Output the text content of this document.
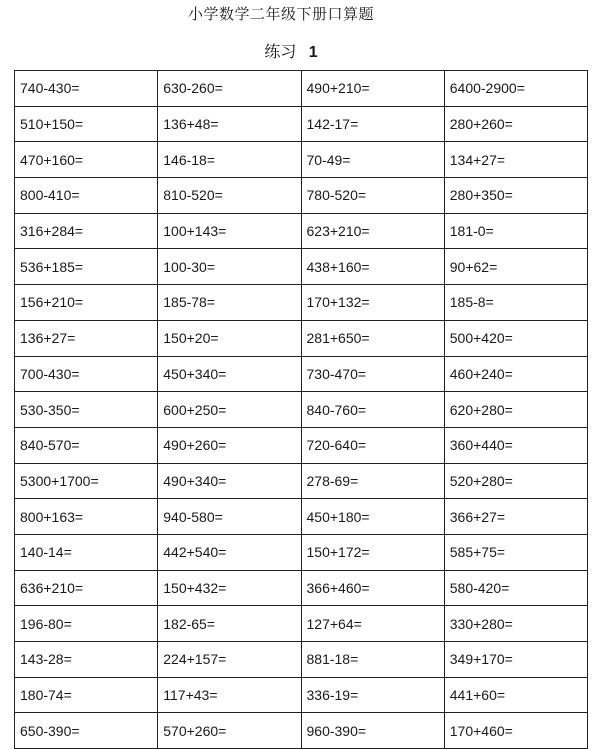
小学数学二年级下册口算题
练习 1
740-430=	630-260=	490+210=	6400-2900=
510+150=	136+48=	142-17=	280+260=
470+160=	146-18=	70-49=	134+27=
800-410=	810-520=	780-520=	280+350=
316+284=	100+143=	623+210=	181-0=
536+185=	100-30=	438+160=	90+62=
156+210=	185-78=	170+132=	185-8=
136+27=	150+20=	281+650=	500+420=
700-430=	450+340=	730-470=	460+240=
530-350=	600+250=	840-760=	620+280=
840-570=	490+260=	720-640=	360+440=
5300+1700=	490+340=	278-69=	520+280=
800+163=	940-580=	450+180=	366+27=
140-14=	442+540=	150+172=	585+75=
636+210=	150+432=	366+460=	580-420=
196-80=	182-65=	127+64=	330+280=
143-28=	224+157=	881-18=	349+170=
180-74=	117+43=	336-19=	441+60=
650-390=	570+260=	960-390=	170+460=
